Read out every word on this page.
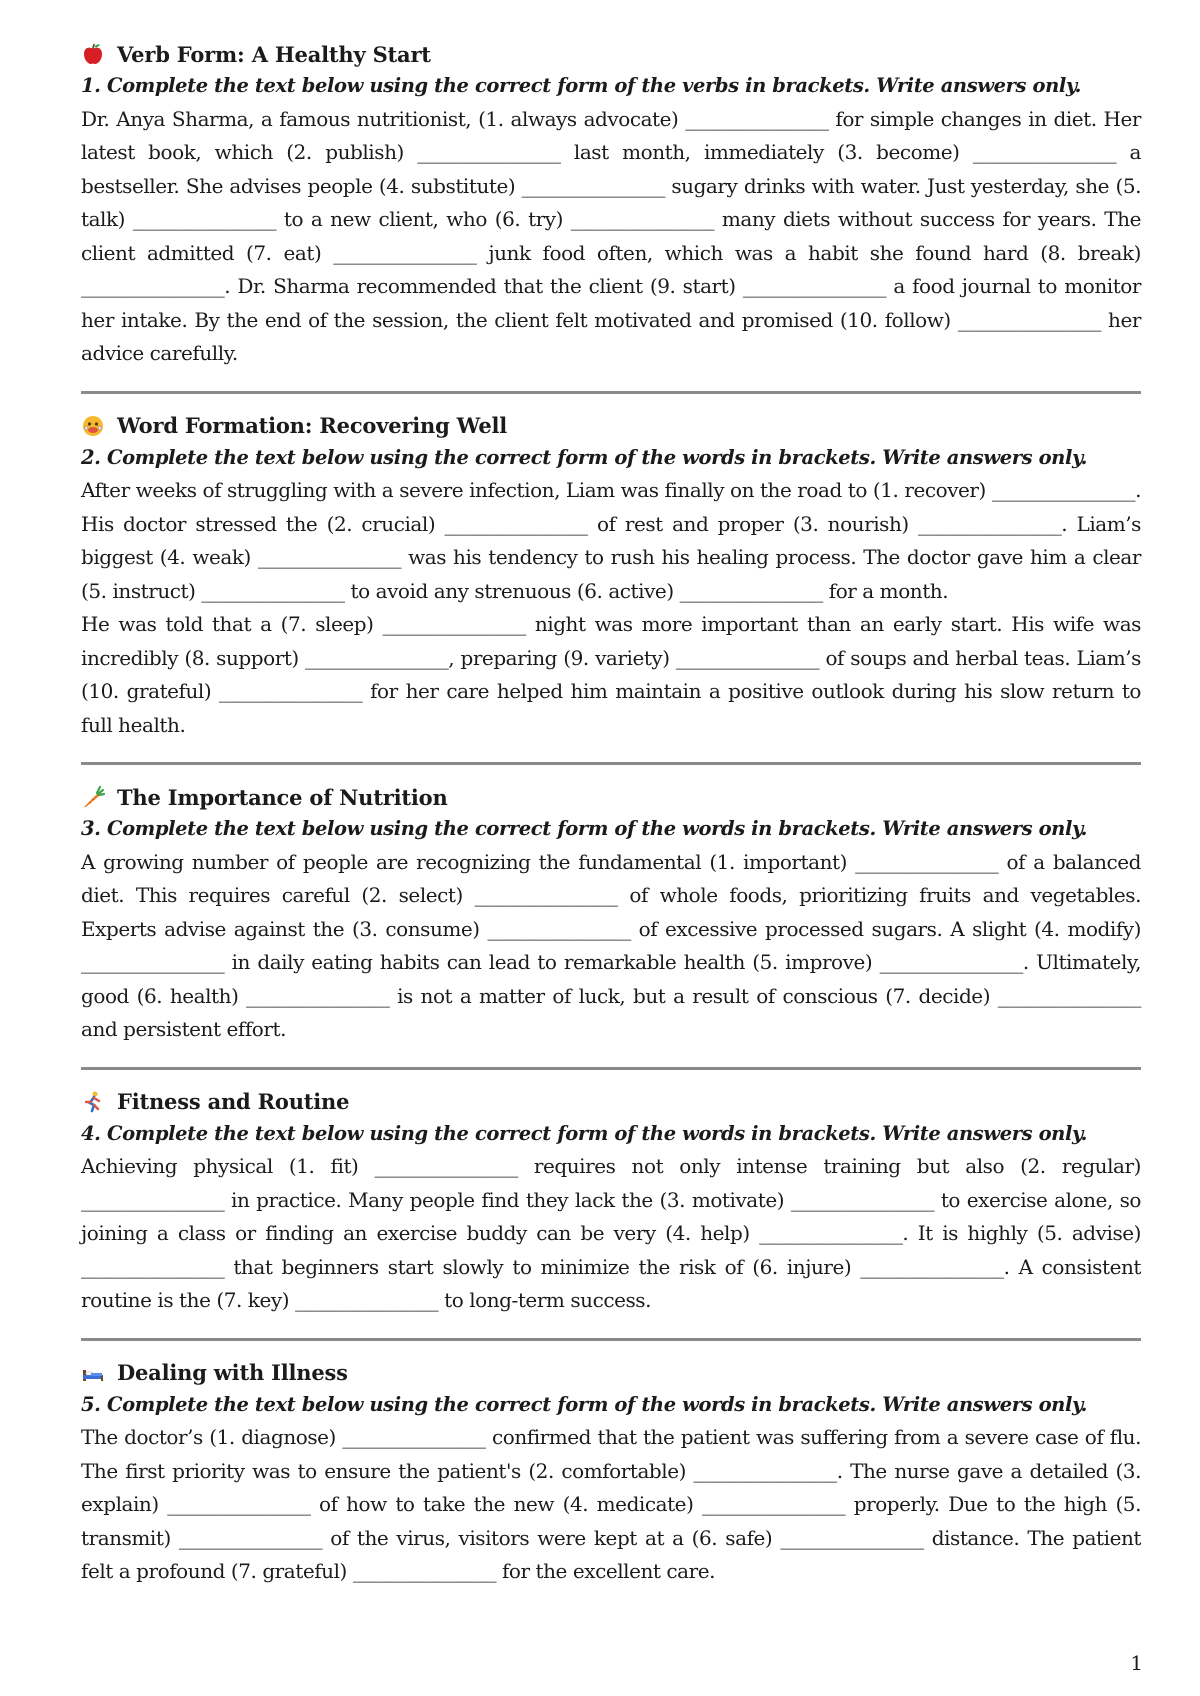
Verb Form: A Healthy Start
1. Complete the text below using the correct form of the verbs in brackets. Write answers only.

Dr. Anya Sharma, a famous nutritionist, (1. always advocate) _______________ for simple changes in diet. Her latest book, which (2. publish) _______________ last month, immediately (3. become) _______________ a bestseller. She advises people (4. substitute) _______________ sugary drinks with water. Just yesterday, she (5. talk) _______________ to a new client, who (6. try) _______________ many diets without success for years. The client admitted (7. eat) _______________ junk food often, which was a habit she found hard (8. break) _______________. Dr. Sharma recommended that the client (9. start) _______________ a food journal to monitor her intake. By the end of the session, the client felt motivated and promised (10. follow) _______________ her advice carefully.

Word Formation: Recovering Well
2. Complete the text below using the correct form of the words in brackets. Write answers only.

After weeks of struggling with a severe infection, Liam was finally on the road to (1. recover) _______________. His doctor stressed the (2. crucial) _______________ of rest and proper (3. nourish) _______________. Liam’s biggest (4. weak) _______________ was his tendency to rush his healing process. The doctor gave him a clear (5. instruct) _______________ to avoid any strenuous (6. active) _______________ for a month.

He was told that a (7. sleep) _______________ night was more important than an early start. His wife was incredibly (8. support) _______________, preparing (9. variety) _______________ of soups and herbal teas. Liam’s (10. grateful) _______________ for her care helped him maintain a positive outlook during his slow return to full health.

The Importance of Nutrition
3. Complete the text below using the correct form of the words in brackets. Write answers only.

A growing number of people are recognizing the fundamental (1. important) _______________ of a balanced diet. This requires careful (2. select) _______________ of whole foods, prioritizing fruits and vegetables. Experts advise against the (3. consume) _______________ of excessive processed sugars. A slight (4. modify) _______________ in daily eating habits can lead to remarkable health (5. improve) _______________. Ultimately, good (6. health) _______________ is not a matter of luck, but a result of conscious (7. decide) _______________ and persistent effort.

Fitness and Routine
4. Complete the text below using the correct form of the words in brackets. Write answers only.

Achieving physical (1. fit) _______________ requires not only intense training but also (2. regular) _______________ in practice. Many people find they lack the (3. motivate) _______________ to exercise alone, so joining a class or finding an exercise buddy can be very (4. help) _______________. It is highly (5. advise) _______________ that beginners start slowly to minimize the risk of (6. injure) _______________. A consistent routine is the (7. key) _______________ to long-term success.

Dealing with Illness
5. Complete the text below using the correct form of the words in brackets. Write answers only.

The doctor’s (1. diagnose) _______________ confirmed that the patient was suffering from a severe case of flu. The first priority was to ensure the patient's (2. comfortable) _______________. The nurse gave a detailed (3. explain) _______________ of how to take the new (4. medicate) _______________ properly. Due to the high (5. transmit) _______________ of the virus, visitors were kept at a (6. safe) _______________ distance. The patient felt a profound (7. grateful) _______________ for the excellent care.

1
